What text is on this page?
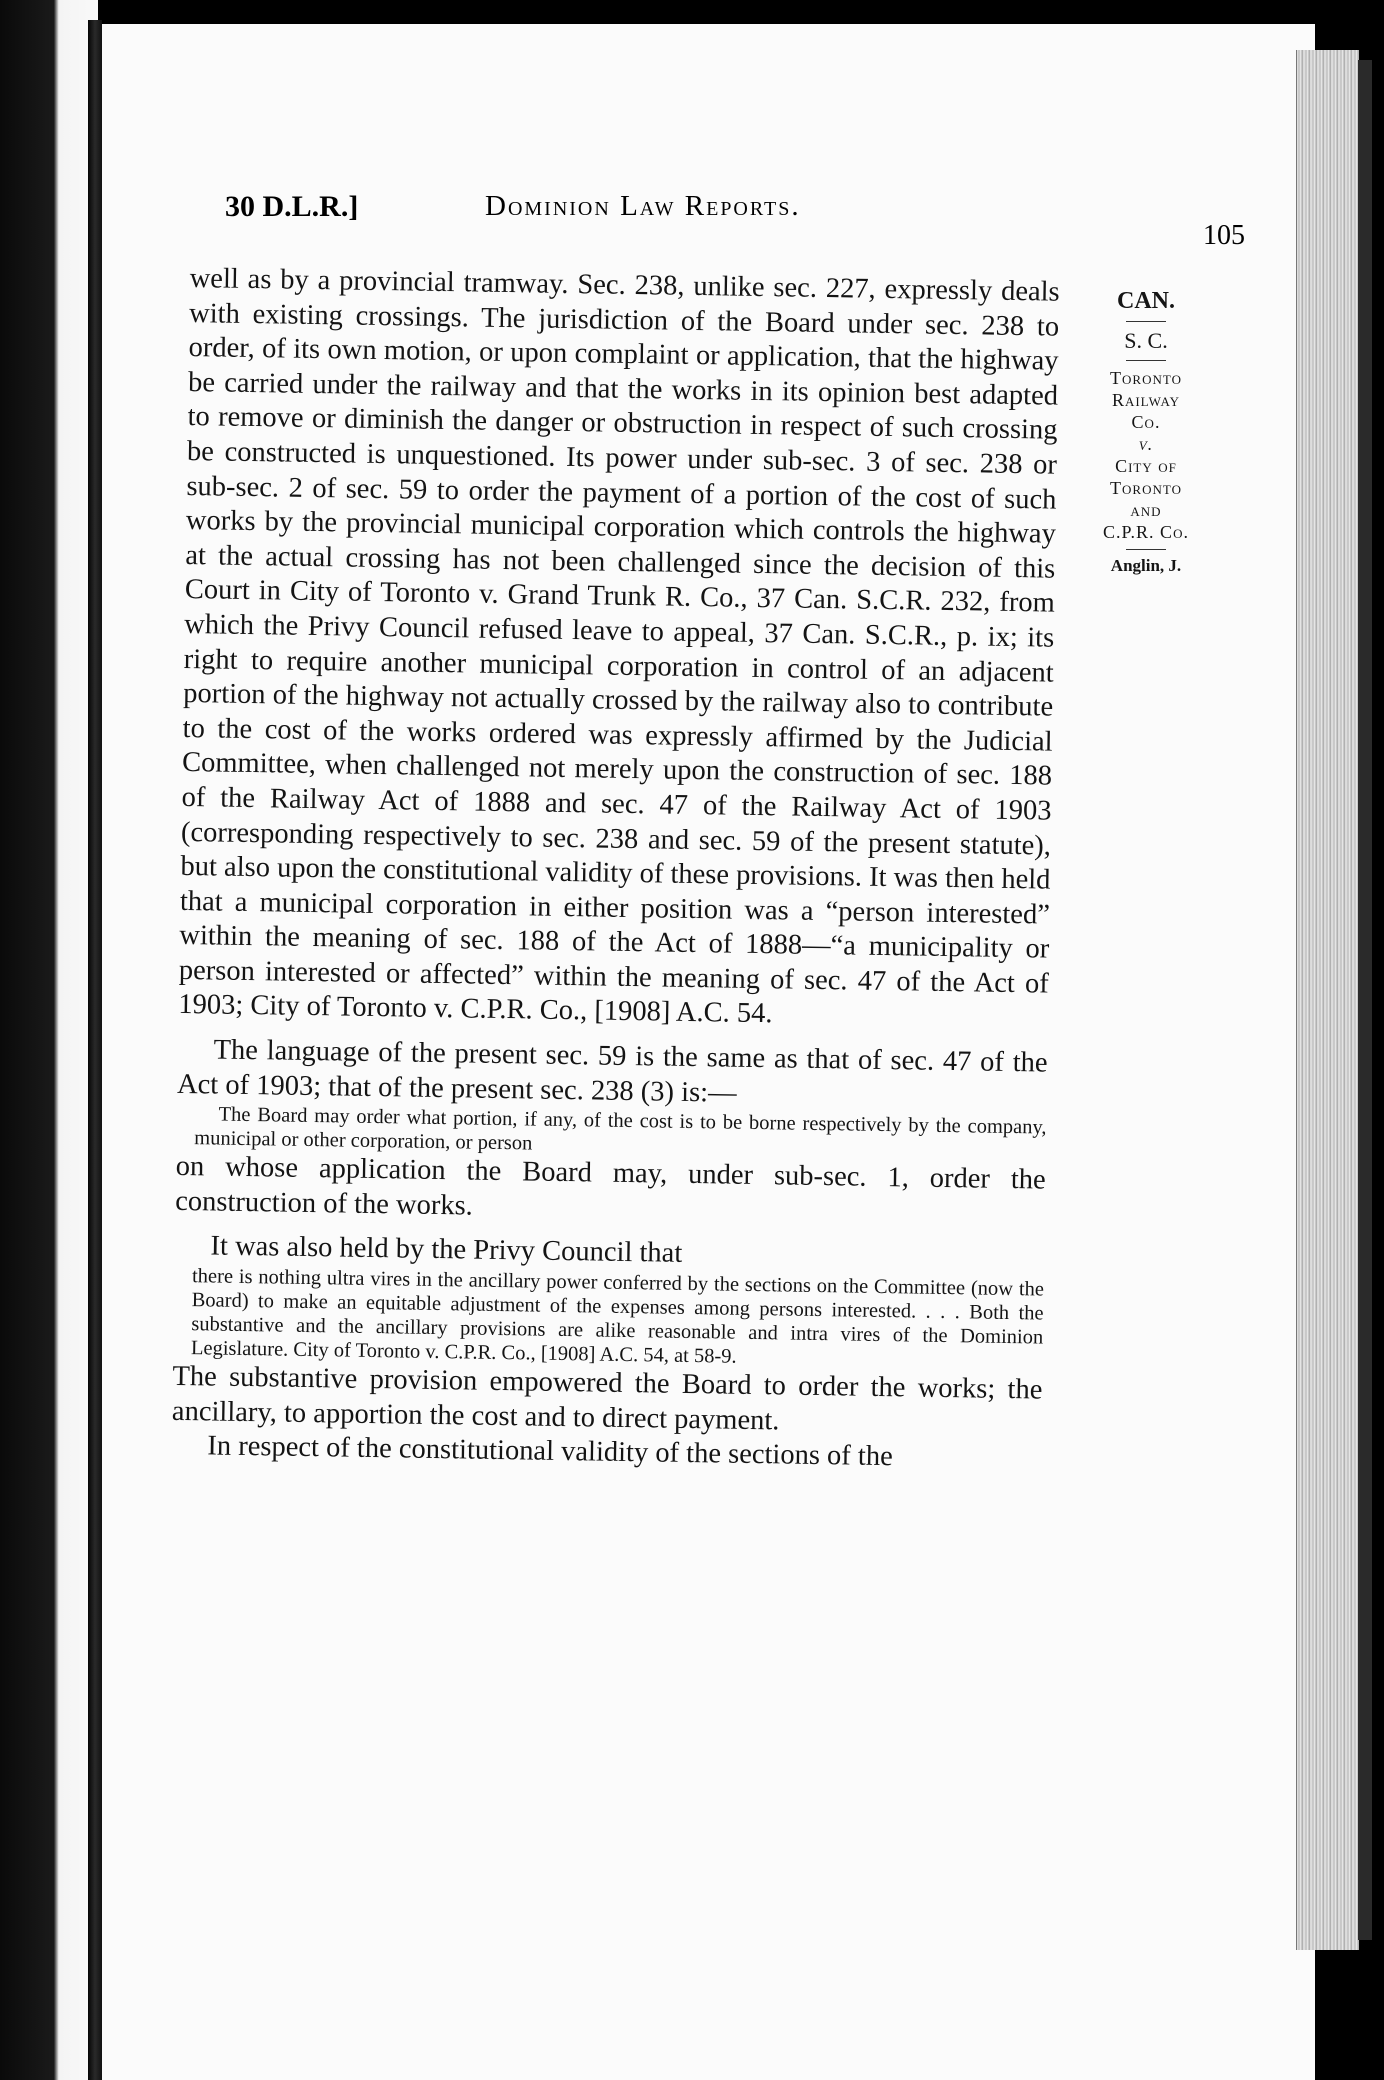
30 D.L.R.]	Dominion Law Reports.
105
CAN.
S. C.
Toronto
Railway
Co.
v.
City of
Toronto
and
C.P.R. Co.
Anglin, J.

well as by a provincial tramway. Sec. 238, unlike sec. 227, expressly deals with existing crossings. The jurisdiction of the Board under sec. 238 to order, of its own motion, or upon complaint or application, that the highway be carried under the railway and that the works in its opinion best adapted to remove or diminish the danger or obstruction in respect of such crossing be constructed is unquestioned. Its power under sub-sec. 3 of sec. 238 or sub-sec. 2 of sec. 59 to order the payment of a portion of the cost of such works by the provincial municipal corporation which controls the highway at the actual crossing has not been challenged since the decision of this Court in City of Toronto v. Grand Trunk R. Co., 37 Can. S.C.R. 232, from which the Privy Council refused leave to appeal, 37 Can. S.C.R., p. ix; its right to require another municipal corporation in control of an adjacent portion of the highway not actually crossed by the railway also to contribute to the cost of the works ordered was expressly affirmed by the Judicial Committee, when challenged not merely upon the construction of sec. 188 of the Railway Act of 1888 and sec. 47 of the Railway Act of 1903 (corresponding respectively to sec. 238 and sec. 59 of the present statute), but also upon the constitutional validity of these provisions. It was then held that a municipal corporation in either position was a “person interested” within the meaning of sec. 188 of the Act of 1888—“a municipality or person interested or affected” within the meaning of sec. 47 of the Act of 1903; City of Toronto v. C.P.R. Co., [1908] A.C. 54.

The language of the present sec. 59 is the same as that of sec. 47 of the Act of 1903; that of the present sec. 238 (3) is:—

The Board may order what portion, if any, of the cost is to be borne respectively by the company, municipal or other corporation, or person

on whose application the Board may, under sub-sec. 1, order the construction of the works.

It was also held by the Privy Council that

there is nothing ultra vires in the ancillary power conferred by the sections on the Committee (now the Board) to make an equitable adjustment of the expenses among persons interested. . . . Both the substantive and the ancillary provisions are alike reasonable and intra vires of the Dominion Legislature. City of Toronto v. C.P.R. Co., [1908] A.C. 54, at 58-9.

The substantive provision empowered the Board to order the works; the ancillary, to apportion the cost and to direct payment.

In respect of the constitutional validity of the sections of the
